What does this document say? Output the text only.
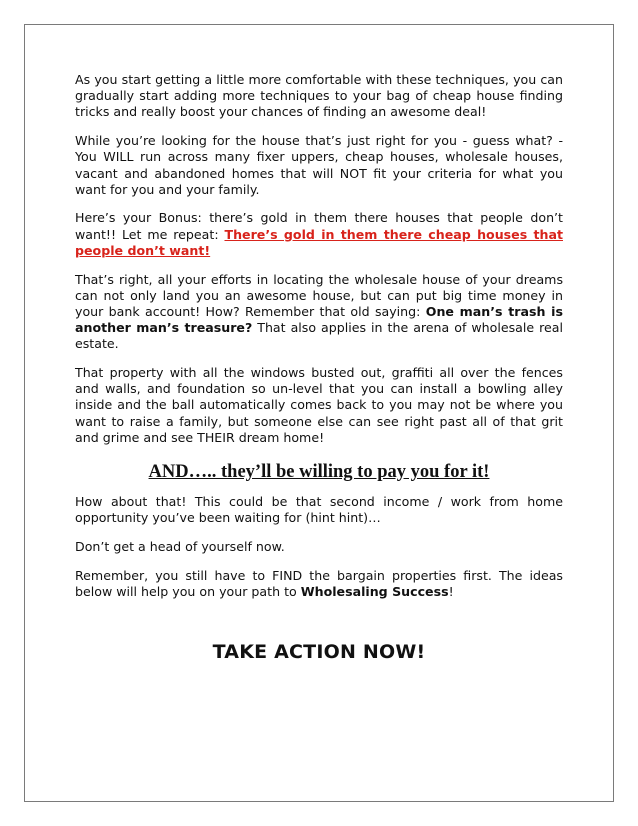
As you start getting a little more comfortable with these techniques, you can gradually start adding more techniques to your bag of cheap house finding tricks and really boost your chances of finding an awesome deal!

While you’re looking for the house that’s just right for you - guess what? - You WILL run across many fixer uppers, cheap houses, wholesale houses, vacant and abandoned homes that will NOT fit your criteria for what you want for you and your family.

Here’s your Bonus: there’s gold in them there houses that people don’t want!! Let me repeat: There’s gold in them there cheap houses that people don’t want!

That’s right, all your efforts in locating the wholesale house of your dreams can not only land you an awesome house, but can put big time money in your bank account! How? Remember that old saying: One man’s trash is another man’s treasure? That also applies in the arena of wholesale real estate.

That property with all the windows busted out, graffiti all over the fences and walls, and foundation so un-level that you can install a bowling alley inside and the ball automatically comes back to you may not be where you want to raise a family, but someone else can see right past all of that grit and grime and see THEIR dream home!

AND….. they’ll be willing to pay you for it!

How about that! This could be that second income / work from home opportunity you’ve been waiting for (hint hint)…

Don’t get a head of yourself now.

Remember, you still have to FIND the bargain properties first. The ideas below will help you on your path to Wholesaling Success!

TAKE ACTION NOW!
